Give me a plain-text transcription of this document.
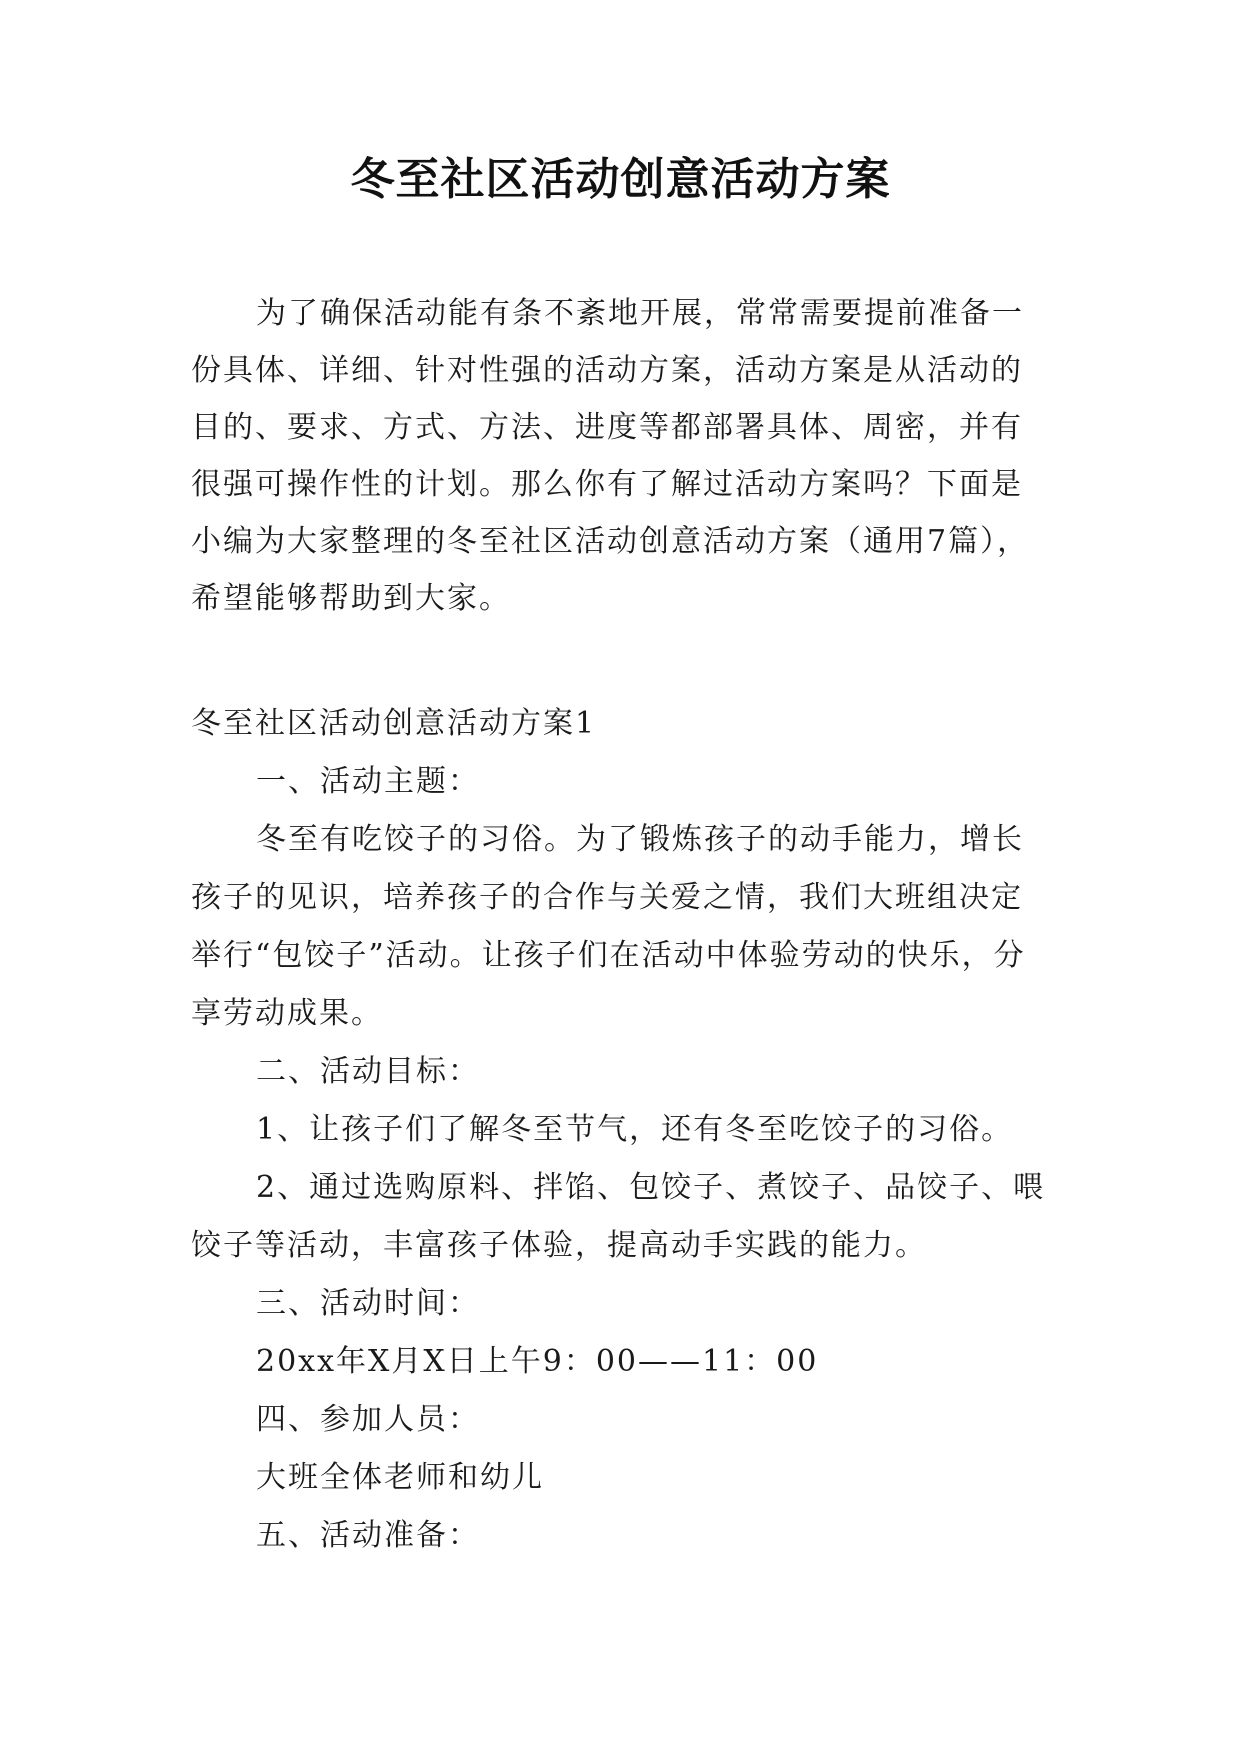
冬至社区活动创意活动方案

为了确保活动能有条不紊地开展，常常需要提前准备一份具体、详细、针对性强的活动方案，活动方案是从活动的目的、要求、方式、方法、进度等都部署具体、周密，并有很强可操作性的计划。那么你有了解过活动方案吗？下面是小编为大家整理的冬至社区活动创意活动方案（通用7篇），希望能够帮助到大家。

冬至社区活动创意活动方案1

一、活动主题：

冬至有吃饺子的习俗。为了锻炼孩子的动手能力，增长孩子的见识，培养孩子的合作与关爱之情，我们大班组决定举行“包饺子”活动。让孩子们在活动中体验劳动的快乐，分享劳动成果。

二、活动目标：

1、让孩子们了解冬至节气，还有冬至吃饺子的习俗。

2、通过选购原料、拌馅、包饺子、煮饺子、品饺子、喂饺子等活动，丰富孩子体验，提高动手实践的能力。

三、活动时间：

20xx年X月X日上午9：00——11：00

四、参加人员：

大班全体老师和幼儿

五、活动准备：
